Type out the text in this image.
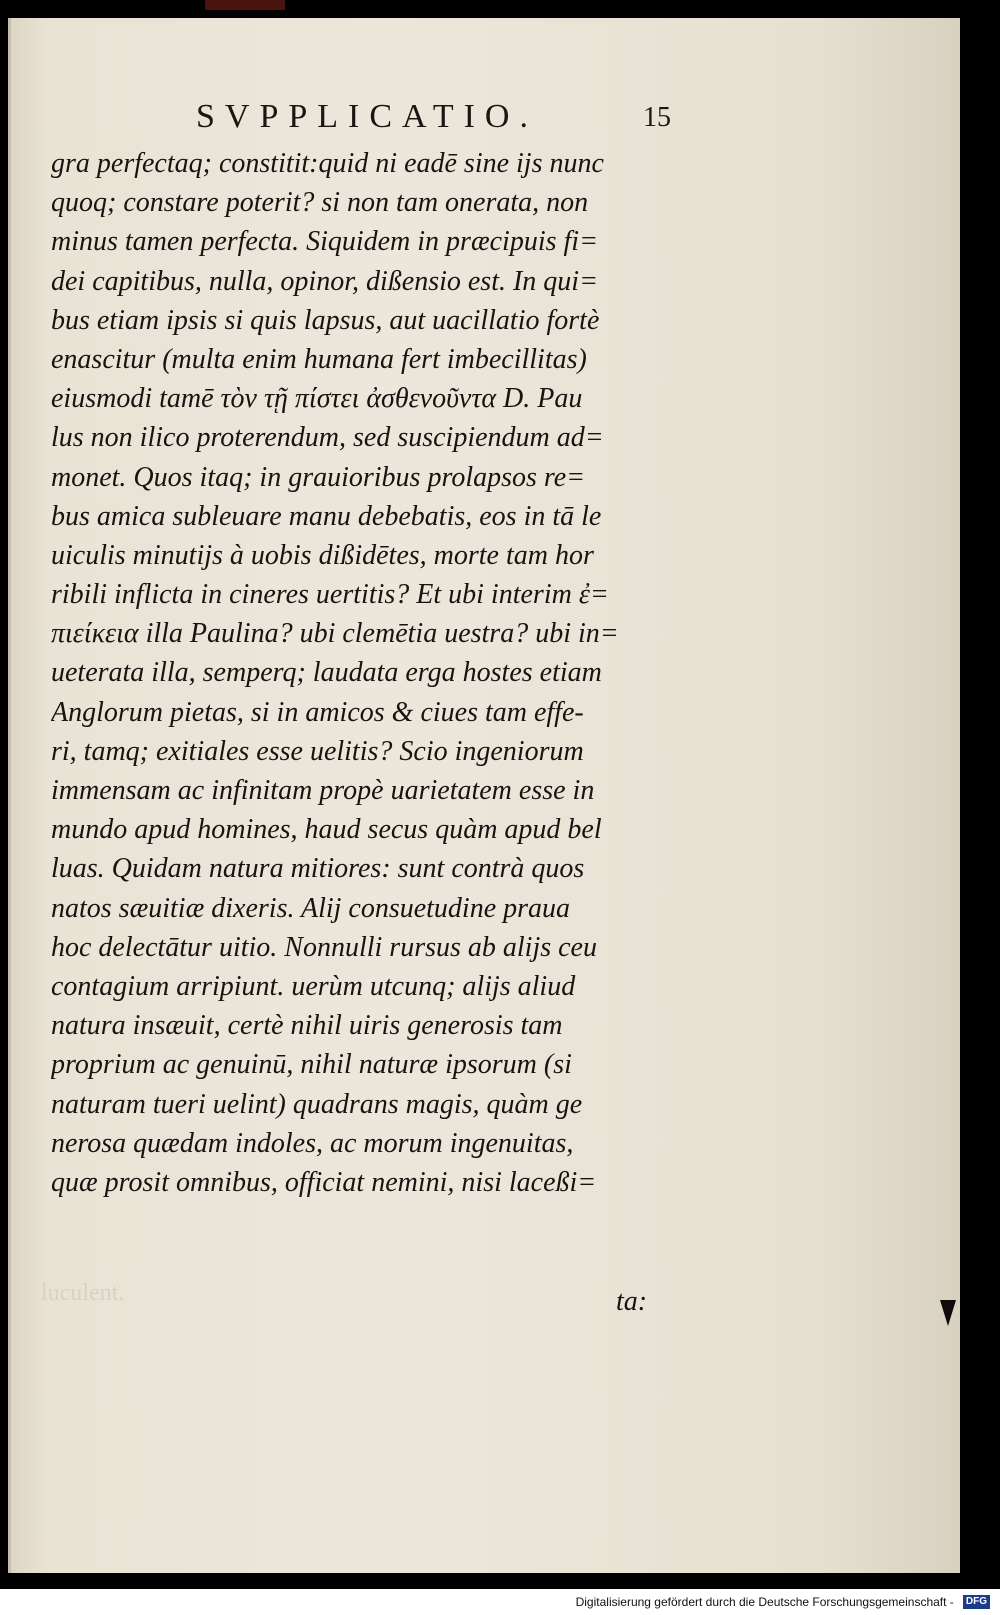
SVPPLICATIO.	15
gra perfectaq; constitit:quid ni eadē sine ijs nunc
quoq; constare poterit? si non tam onerata, non
minus tamen perfecta. Siquidem in præcipuis fi=
dei capitibus, nulla, opinor, dißensio est. In qui=
bus etiam ipsis si quis lapsus, aut uacillatio fortè
enascitur (multa enim humana fert imbecillitas)
eiusmodi tamē τὸν τῇ πίστει ἀσθενοῦντα D. Pau
lus non ilico proterendum, sed suscipiendum ad=
monet. Quos itaq; in grauioribus prolapsos re=
bus amica subleuare manu debebatis, eos in tā le
uiculis minutijs à uobis dißidētes, morte tam hor
ribili inflicta in cineres uertitis? Et ubi interim ἐ=
πιείκεια illa Paulina? ubi clemētia uestra? ubi in=
ueterata illa, semperq; laudata erga hostes etiam
Anglorum pietas, si in amicos & ciues tam effe-
ri, tamq; exitiales esse uelitis? Scio ingeniorum
immensam ac infinitam propè uarietatem esse in
mundo apud homines, haud secus quàm apud bel
luas. Quidam natura mitiores: sunt contrà quos
natos sæuitiæ dixeris. Alij consuetudine praua
hoc delectātur uitio. Nonnulli rursus ab alijs ceu
contagium arripiunt. uerùm utcunq; alijs aliud
natura insæuit, certè nihil uiris generosis tam
proprium ac genuinū, nihil naturæ ipsorum (si
naturam tueri uelint) quadrans magis, quàm ge
nerosa quædam indoles, ac morum ingenuitas,
quæ prosit omnibus, officiat nemini, nisi laceßi=
luculent.	ta:
Digitalisierung gefördert durch die Deutsche Forschungsgemeinschaft - DFG
